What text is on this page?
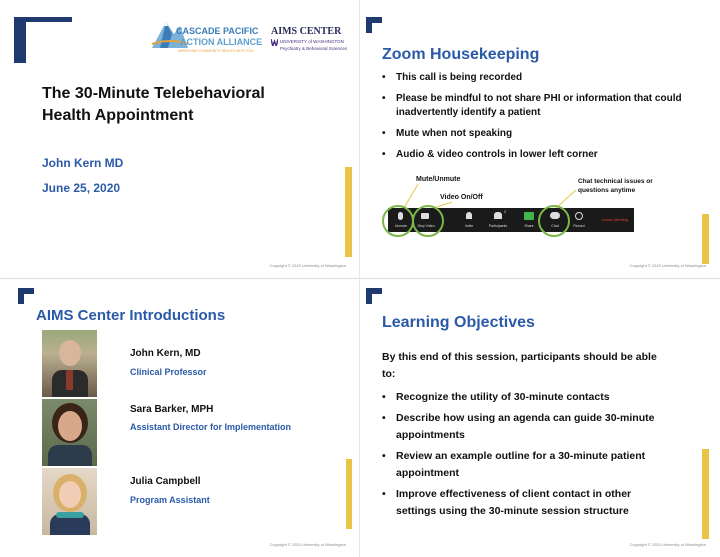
CASCADE PACIFIC
ACTION ALLIANCE
IMPROVING COMMUNITY HEALTH WITH YOU
AIMS CENTER
UNIVERSITY of WASHINGTON
Psychiatry & Behavioral Sciences
The 30-Minute Telebehavioral
Health Appointment
John Kern MD
June 25, 2020
Copyright © 2020 University of Washington
Zoom Housekeeping
• This call is being recorded
• Please be mindful to not share PHI or information that could inadvertently identify a patient
• Mute when not speaking
• Audio & video controls in lower left corner
Mute/Unmute
Video On/Off
Chat technical issues or questions anytime
Unmute	Stop Video	Invite
2
Participants	Share	Chat	Record
Leave Meeting
Copyright © 2020 University of Washington
AIMS Center Introductions
John Kern, MD
Clinical Professor
Sara Barker, MPH
Assistant Director for Implementation
Julia Campbell
Program Assistant
Copyright © 2020 University of Washington
Learning Objectives
By this end of this session, participants should be able to:
• Recognize the utility of 30-minute contacts
• Describe how using an agenda can guide 30-minute appointments
• Review an example outline for a 30-minute patient appointment
• Improve effectiveness of client contact in other settings using the 30-minute session structure
Copyright © 2020 University of Washington
